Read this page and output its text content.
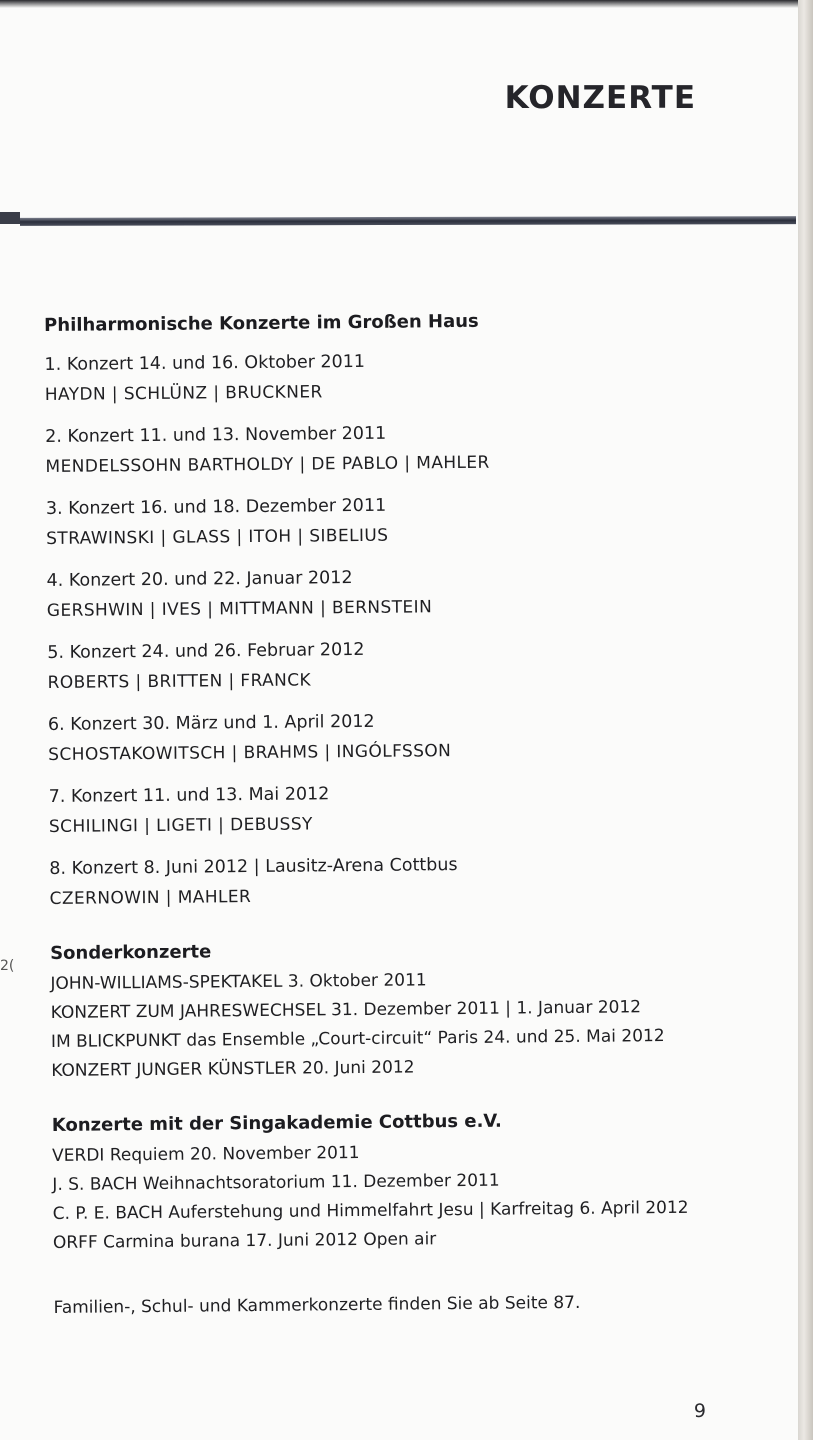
KONZERTE
2(
Philharmonische Konzerte im Großen Haus
1. Konzert 14. und 16. Oktober 2011
HAYDN | SCHLÜNZ | BRUCKNER
2. Konzert 11. und 13. November 2011
MENDELSSOHN BARTHOLDY | DE PABLO | MAHLER
3. Konzert 16. und 18. Dezember 2011
STRAWINSKI | GLASS | ITOH | SIBELIUS
4. Konzert 20. und 22. Januar 2012
GERSHWIN | IVES | MITTMANN | BERNSTEIN
5. Konzert 24. und 26. Februar 2012
ROBERTS | BRITTEN | FRANCK
6. Konzert 30. März und 1. April 2012
SCHOSTAKOWITSCH | BRAHMS | INGÓLFSSON
7. Konzert 11. und 13. Mai 2012
SCHILINGI | LIGETI | DEBUSSY
8. Konzert 8. Juni 2012 | Lausitz-Arena Cottbus
CZERNOWIN | MAHLER
Sonderkonzerte
JOHN-WILLIAMS-SPEKTAKEL 3. Oktober 2011
KONZERT ZUM JAHRESWECHSEL 31. Dezember 2011 | 1. Januar 2012
IM BLICKPUNKT das Ensemble „Court-circuit“ Paris 24. und 25. Mai 2012
KONZERT JUNGER KÜNSTLER 20. Juni 2012
Konzerte mit der Singakademie Cottbus e.V.
VERDI Requiem 20. November 2011
J. S. BACH Weihnachtsoratorium 11. Dezember 2011
C. P. E. BACH Auferstehung und Himmelfahrt Jesu | Karfreitag 6. April 2012
ORFF Carmina burana 17. Juni 2012 Open air

Familien-, Schul- und Kammerkonzerte finden Sie ab Seite 87.

9
